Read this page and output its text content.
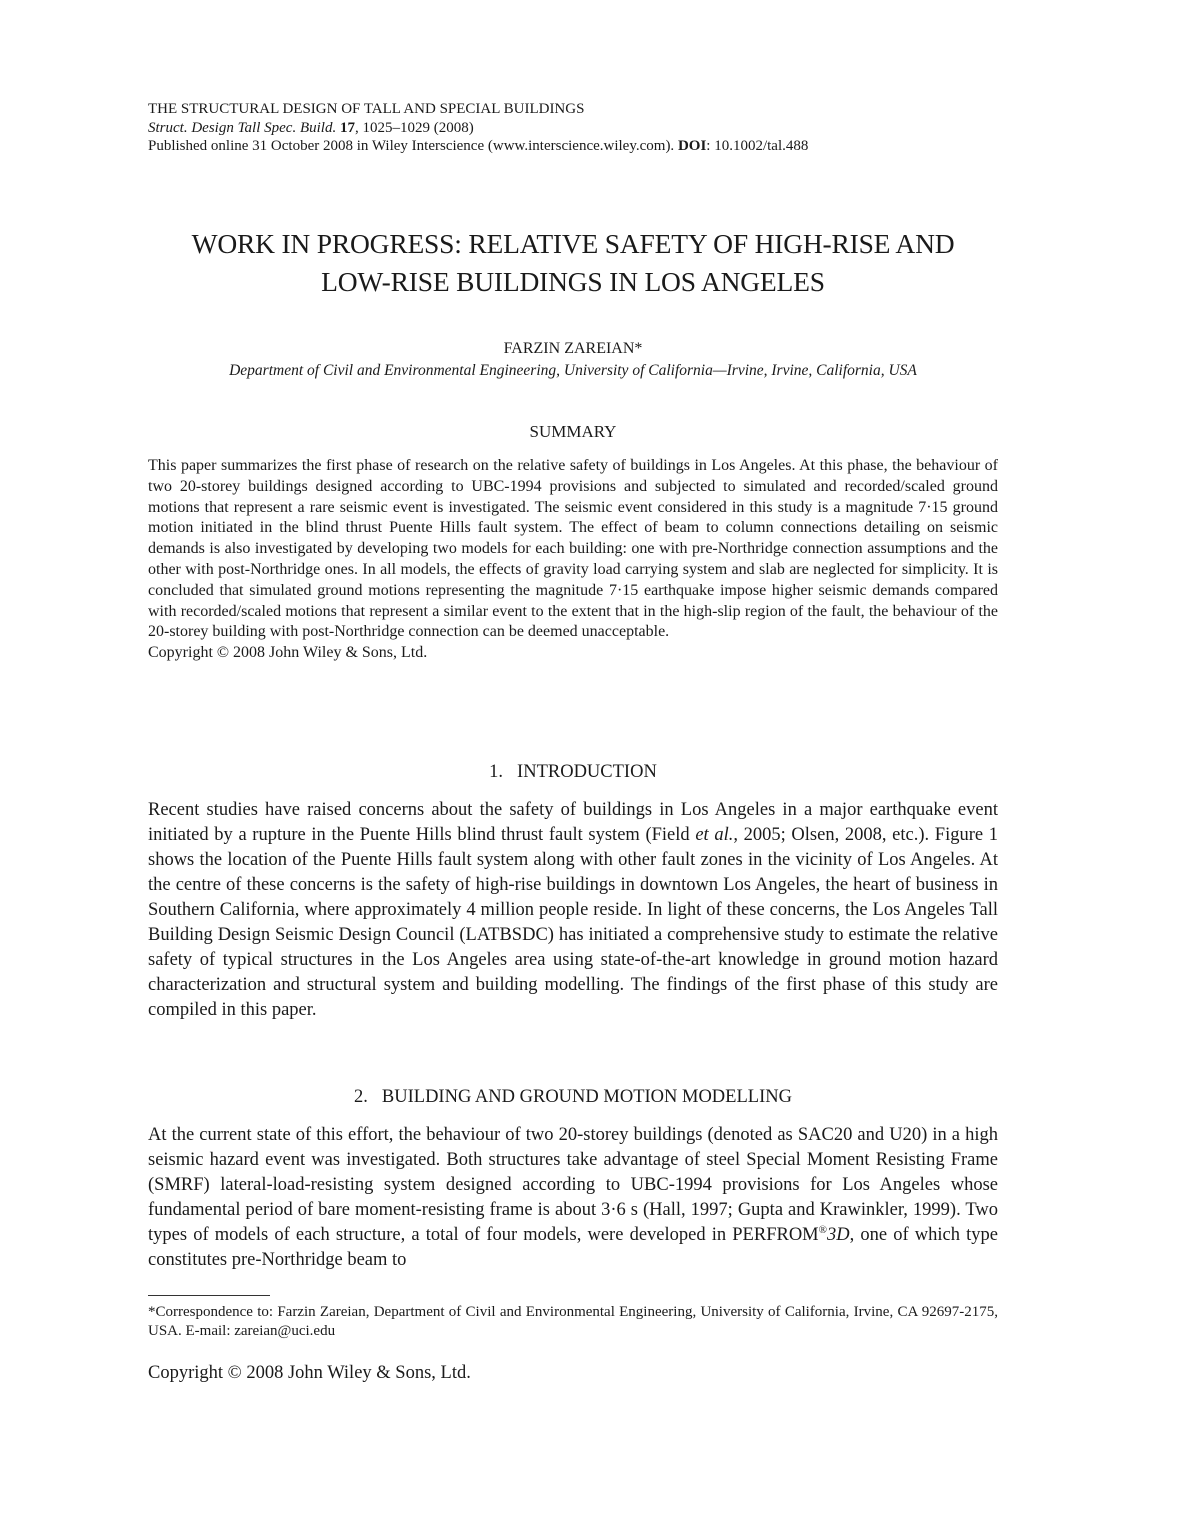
THE STRUCTURAL DESIGN OF TALL AND SPECIAL BUILDINGS
Struct. Design Tall Spec. Build. 17, 1025–1029 (2008)
Published online 31 October 2008 in Wiley Interscience (www.interscience.wiley.com). DOI: 10.1002/tal.488
WORK IN PROGRESS: RELATIVE SAFETY OF HIGH-RISE AND
LOW-RISE BUILDINGS IN LOS ANGELES
FARZIN ZAREIAN*
Department of Civil and Environmental Engineering, University of California—Irvine, Irvine, California, USA
SUMMARY
This paper summarizes the first phase of research on the relative safety of buildings in Los Angeles. At this phase, the behaviour of two 20-storey buildings designed according to UBC-1994 provisions and subjected to simulated and recorded/scaled ground motions that represent a rare seismic event is investigated. The seismic event considered in this study is a magnitude 7·15 ground motion initiated in the blind thrust Puente Hills fault system. The effect of beam to column connections detailing on seismic demands is also investigated by developing two models for each building: one with pre-Northridge connection assumptions and the other with post-Northridge ones. In all models, the effects of gravity load carrying system and slab are neglected for simplicity. It is concluded that simulated ground motions representing the magnitude 7·15 earthquake impose higher seismic demands compared with recorded/scaled motions that represent a similar event to the extent that in the high-slip region of the fault, the behaviour of the 20-storey building with post-Northridge connection can be deemed unacceptable.
Copyright © 2008 John Wiley & Sons, Ltd.
1. INTRODUCTION
Recent studies have raised concerns about the safety of buildings in Los Angeles in a major earthquake event initiated by a rupture in the Puente Hills blind thrust fault system (Field et al., 2005; Olsen, 2008, etc.). Figure 1 shows the location of the Puente Hills fault system along with other fault zones in the vicinity of Los Angeles. At the centre of these concerns is the safety of high-rise buildings in downtown Los Angeles, the heart of business in Southern California, where approximately 4 million people reside. In light of these concerns, the Los Angeles Tall Building Design Seismic Design Council (LATBSDC) has initiated a comprehensive study to estimate the relative safety of typical structures in the Los Angeles area using state-of-the-art knowledge in ground motion hazard characterization and structural system and building modelling. The findings of the first phase of this study are compiled in this paper.
2. BUILDING AND GROUND MOTION MODELLING
At the current state of this effort, the behaviour of two 20-storey buildings (denoted as SAC20 and U20) in a high seismic hazard event was investigated. Both structures take advantage of steel Special Moment Resisting Frame (SMRF) lateral-load-resisting system designed according to UBC-1994 provisions for Los Angeles whose fundamental period of bare moment-resisting frame is about 3·6 s (Hall, 1997; Gupta and Krawinkler, 1999). Two types of models of each structure, a total of four models, were developed in PERFROM®3D, one of which type constitutes pre-Northridge beam to
*Correspondence to: Farzin Zareian, Department of Civil and Environmental Engineering, University of California, Irvine, CA 92697-2175, USA. E-mail: zareian@uci.edu
Copyright © 2008 John Wiley & Sons, Ltd.
